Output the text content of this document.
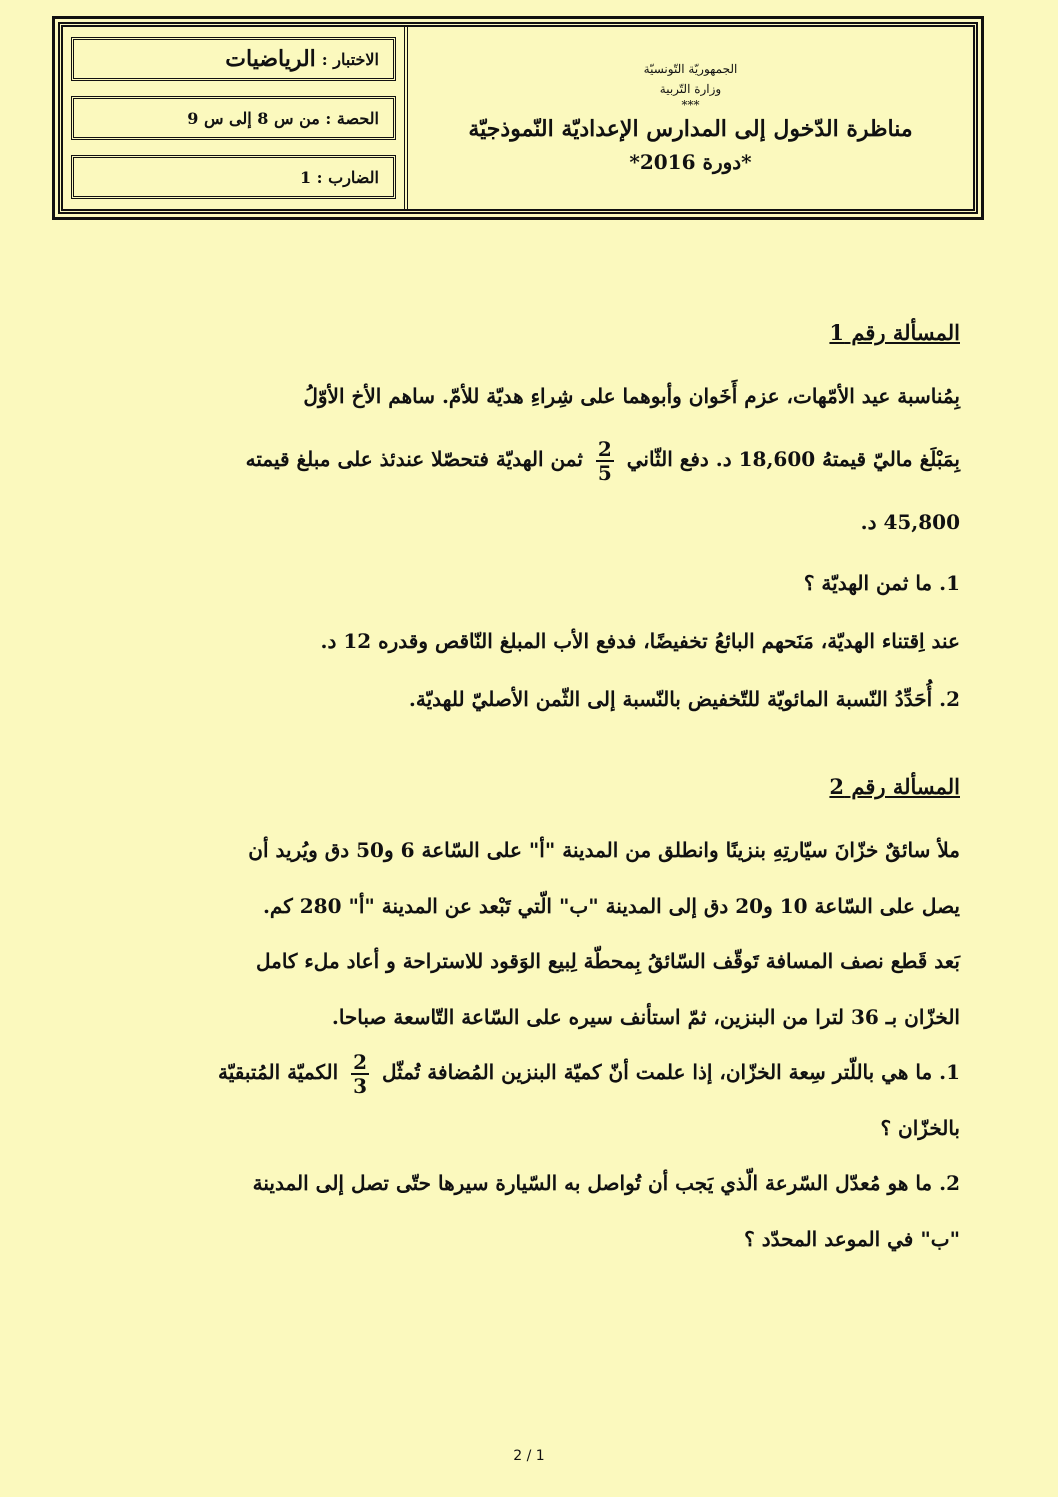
الاختبار :
الرياضيات
الحصة : من س 8 إلى س 9
الضارب : 1
الجمهوريّة التّونسيّة
وزارة التّربية
***
مناظرة الدّخول إلى المدارس الإعداديّة النّموذجيّة
*دورة 2016*

المسألة رقم 1

بِمُناسبة عيد الأمّهات، عزم أَخَوان وأبوهما على شِراءِ هديّة للأمّ. ساهم الأخ الأوّلُ

بِمَبْلَغ ماليّ قيمتهُ 18,600 د. دفع الثّاني
$\frac{2}{5}$
ثمن الهديّة فتحصّلا عندئذ على مبلغ قيمته

45,800 د.

1. ما ثمن الهديّة ؟

عند اِقتناء الهديّة، مَنَحهم البائعُ تخفيضًا، فدفع الأب المبلغ النّاقص وقدره 12 د.

2. أُحَدِّدُ النّسبة المائويّة للتّخفيض بالنّسبة إلى الثّمن الأصليّ للهديّة.

المسألة رقم 2

ملأ سائقٌ خزّانَ سيّارتِهِ بنزينًا وانطلق من المدينة "أ" على السّاعة 6 و50 دق ويُريد أن

يصل على السّاعة 10 و20 دق إلى المدينة "ب" الّتي تَبْعد عن المدينة "أ" 280 كم.

بَعد قَطع نصف المسافة تَوقّف السّائقُ بِمحطّة لِبيع الوَقود للاستراحة و أعاد ملء كامل

الخزّان بـ 36 لترا من البنزين، ثمّ استأنف سيره على السّاعة التّاسعة صباحا.

1. ما هي باللّتر سِعة الخزّان، إذا علمت أنّ كميّة البنزين المُضافة تُمثّل
$\frac{2}{3}$
الكميّة المُتبقيّة

بالخزّان ؟

2. ما هو مُعدّل السّرعة الّذي يَجب أن تُواصل به السّيارة سيرها حتّى تصل إلى المدينة

"ب" في الموعد المحدّد ؟

2 / 1
